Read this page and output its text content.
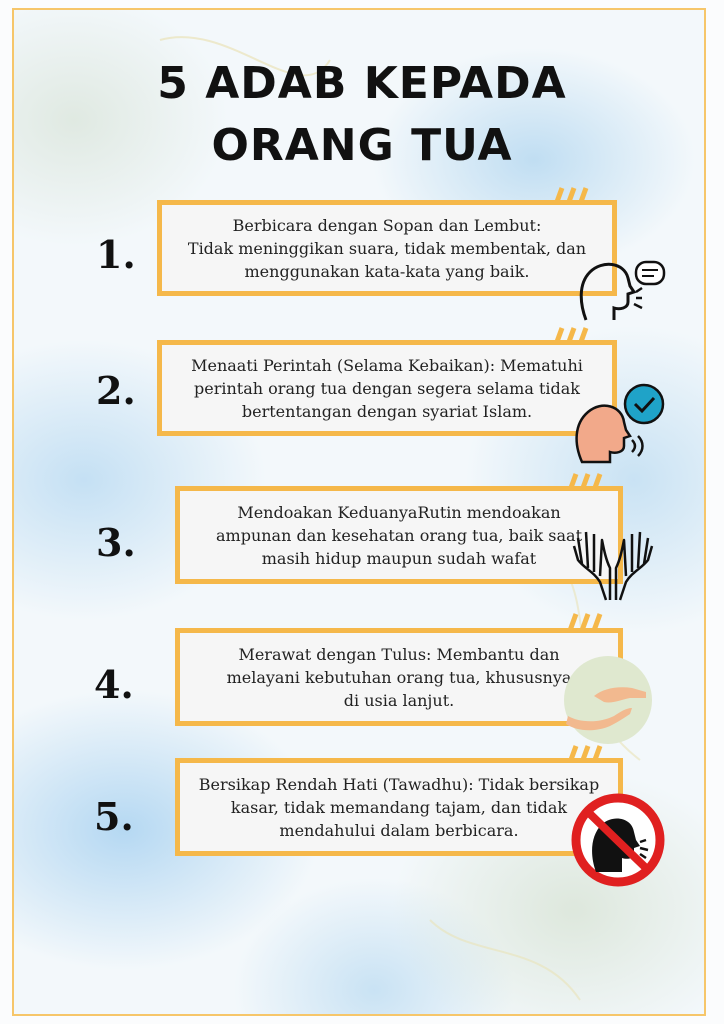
5 ADAB KEPADA
ORANG TUA
1.
Berbicara dengan Sopan dan Lembut:
Tidak meninggikan suara, tidak membentak, dan
menggunakan kata-kata yang baik.
2.
Menaati Perintah (Selama Kebaikan): Mematuhi
perintah orang tua dengan segera selama tidak
bertentangan dengan syariat Islam.
3.
Mendoakan KeduanyaRutin mendoakan
ampunan dan kesehatan orang tua, baik saat
masih hidup maupun sudah wafat
4.
Merawat dengan Tulus: Membantu dan
melayani kebutuhan orang tua, khususnya
di usia lanjut.
5.
Bersikap Rendah Hati (Tawadhu): Tidak bersikap
kasar, tidak memandang tajam, dan tidak
mendahului dalam berbicara.
